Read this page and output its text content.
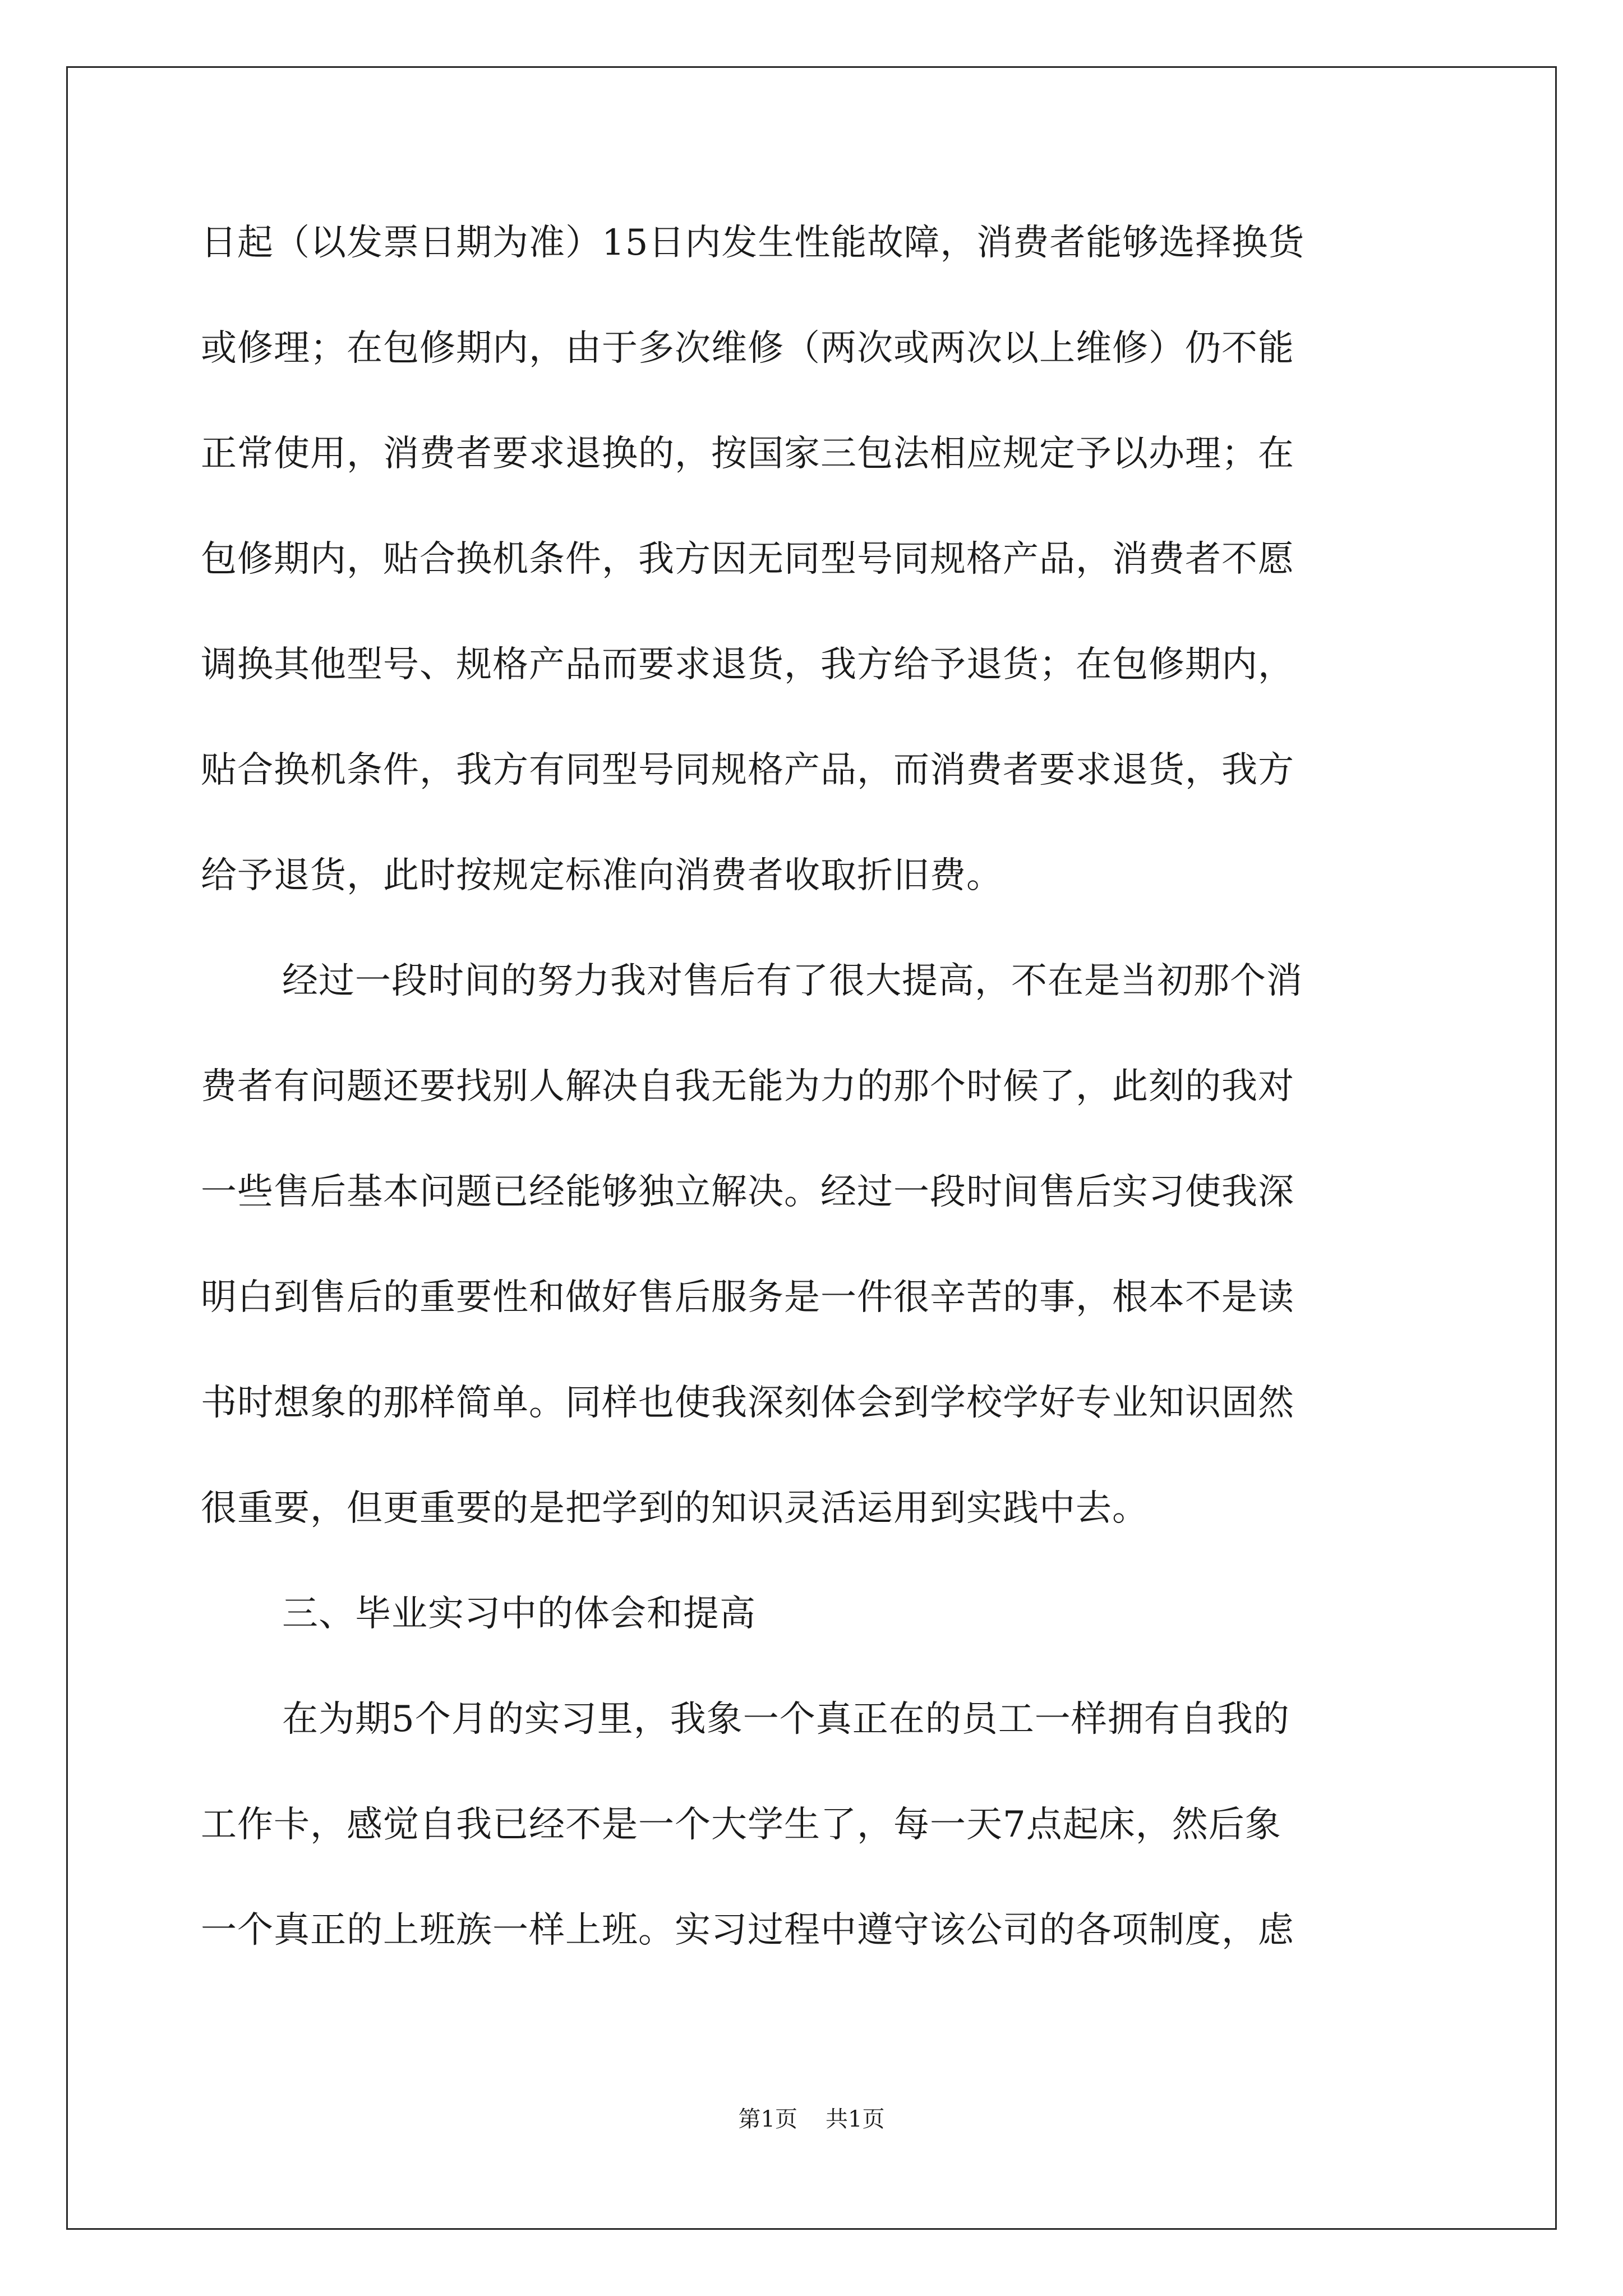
日起（以发票日期为准）15日内发生性能故障，消费者能够选择换货
或修理；在包修期内，由于多次维修（两次或两次以上维修）仍不能
正常使用，消费者要求退换的，按国家三包法相应规定予以办理；在
包修期内，贴合换机条件，我方因无同型号同规格产品，消费者不愿
调换其他型号、规格产品而要求退货，我方给予退货；在包修期内，
贴合换机条件，我方有同型号同规格产品，而消费者要求退货，我方
给予退货，此时按规定标准向消费者收取折旧费。
经过一段时间的努力我对售后有了很大提高，不在是当初那个消
费者有问题还要找别人解决自我无能为力的那个时候了，此刻的我对
一些售后基本问题已经能够独立解决。经过一段时间售后实习使我深
明白到售后的重要性和做好售后服务是一件很辛苦的事，根本不是读
书时想象的那样简单。同样也使我深刻体会到学校学好专业知识固然
很重要，但更重要的是把学到的知识灵活运用到实践中去。
三、毕业实习中的体会和提高
在为期5个月的实习里，我象一个真正在的员工一样拥有自我的
工作卡，感觉自我已经不是一个大学生了，每一天7点起床，然后象
一个真正的上班族一样上班。实习过程中遵守该公司的各项制度，虑
第1页 共1页
